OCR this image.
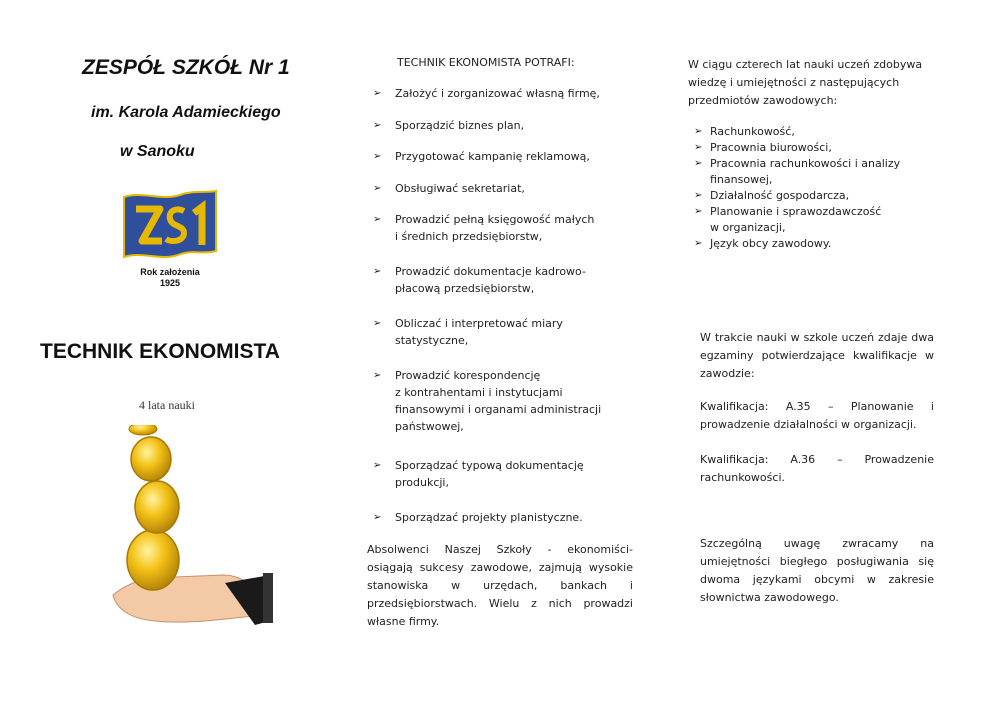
ZESPÓŁ SZKÓŁ Nr 1
im. Karola Adamieckiego
w Sanoku
Rok założenia
1925
TECHNIK EKONOMISTA
4 lata nauki
TECHNIK EKONOMISTA POTRAFI:
➢	Założyć i zorganizować własną firmę,
➢	Sporządzić biznes plan,
➢	Przygotować kampanię reklamową,
➢	Obsługiwać sekretariat,
➢	Prowadzić pełną księgowość małych
i średnich przedsiębiorstw,
➢	Prowadzić dokumentacje kadrowo-
płacową przedsiębiorstw,
➢	Obliczać i interpretować miary
statystyczne,
➢	Prowadzić korespondencję
z kontrahentami i instytucjami
finansowymi i organami administracji
państwowej,
➢	Sporządzać typową dokumentację
produkcji,
➢	Sporządzać projekty planistyczne.
Absolwenci Naszej Szkoły - ekonomiści- osiągają sukcesy zawodowe, zajmują wysokie stanowiska w urzędach, bankach i przedsiębiorstwach. Wielu z nich prowadzi własne firmy.
W ciągu czterech lat nauki uczeń zdobywa wiedzę i umiejętności z następujących przedmiotów zawodowych:
➢ Rachunkowość,
➢ Pracownia biurowości,
➢ Pracownia rachunkowości i analizy
finansowej,
➢ Działalność gospodarcza,
➢ Planowanie i sprawozdawczość
w organizacji,
➢ Język obcy zawodowy.
W trakcie nauki w szkole uczeń zdaje dwa egzaminy potwierdzające kwalifikacje w zawodzie:
Kwalifikacja: A.35 – Planowanie i prowadzenie działalności w organizacji.
Kwalifikacja: A.36 – Prowadzenie rachunkowości.
Szczególną uwagę zwracamy na umiejętności biegłego posługiwania się dwoma językami obcymi w zakresie słownictwa zawodowego.
